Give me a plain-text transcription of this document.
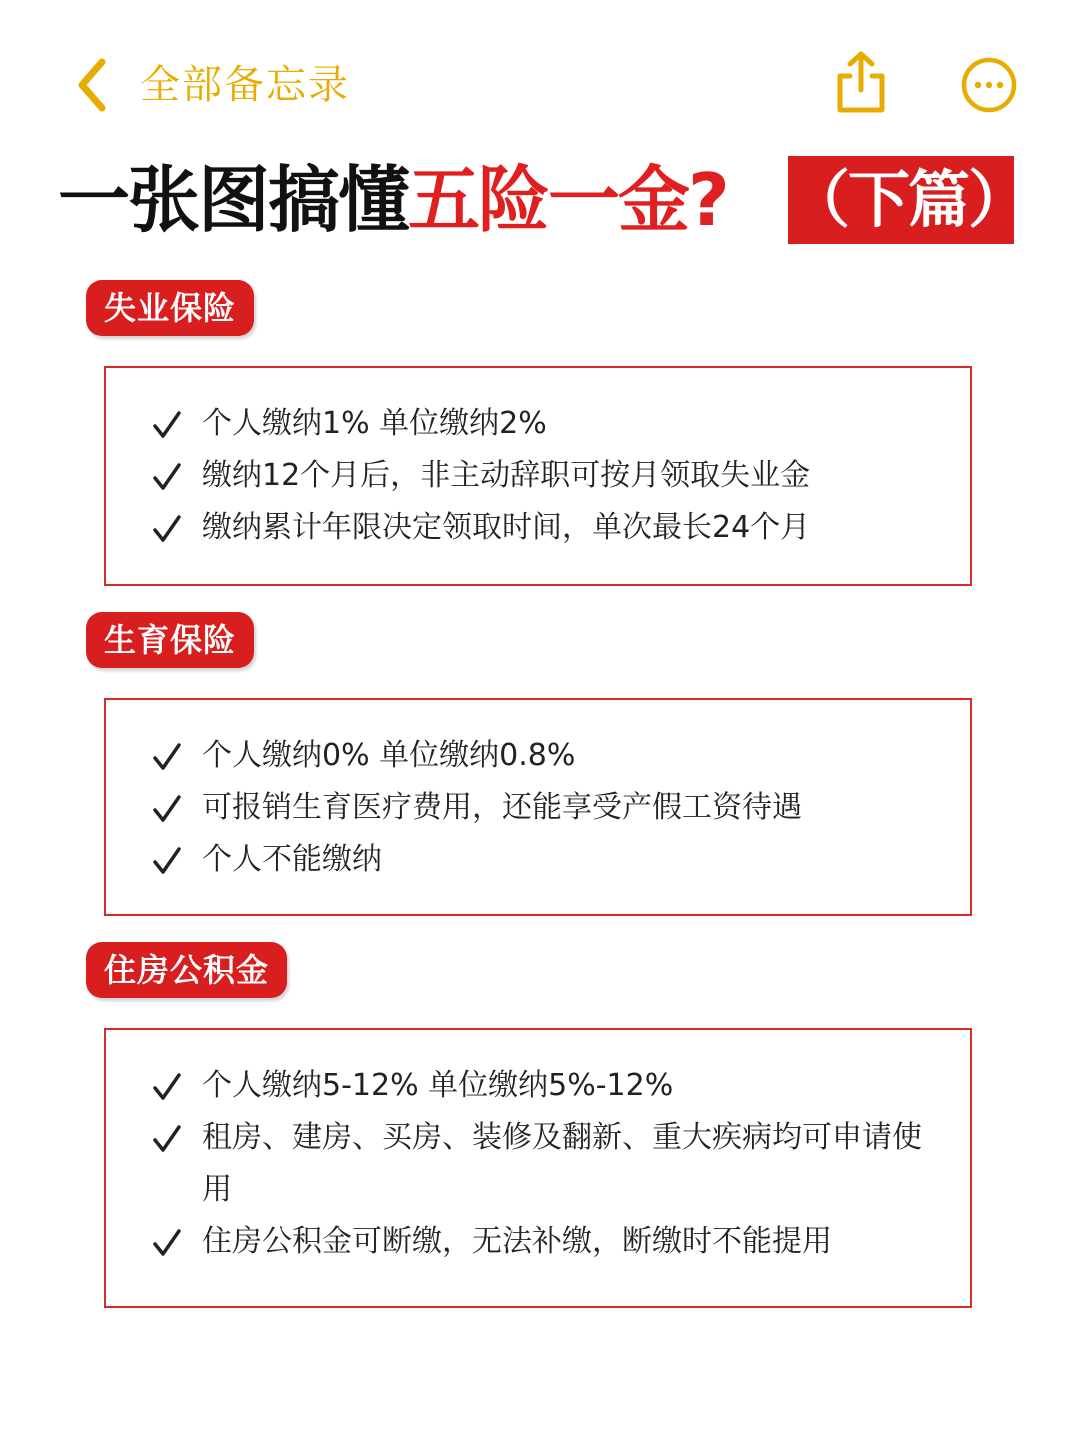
全部备忘录
一张图搞懂五险一金? （下篇）
失业保险
个人缴纳1% 单位缴纳2%
缴纳12个月后，非主动辞职可按月领取失业金
缴纳累计年限决定领取时间，单次最长24个月
生育保险
个人缴纳0% 单位缴纳0.8%
可报销生育医疗费用，还能享受产假工资待遇
个人不能缴纳
住房公积金
个人缴纳5-12% 单位缴纳5%-12%
租房、建房、买房、装修及翻新、重大疾病均可申请使用
住房公积金可断缴，无法补缴，断缴时不能提用
